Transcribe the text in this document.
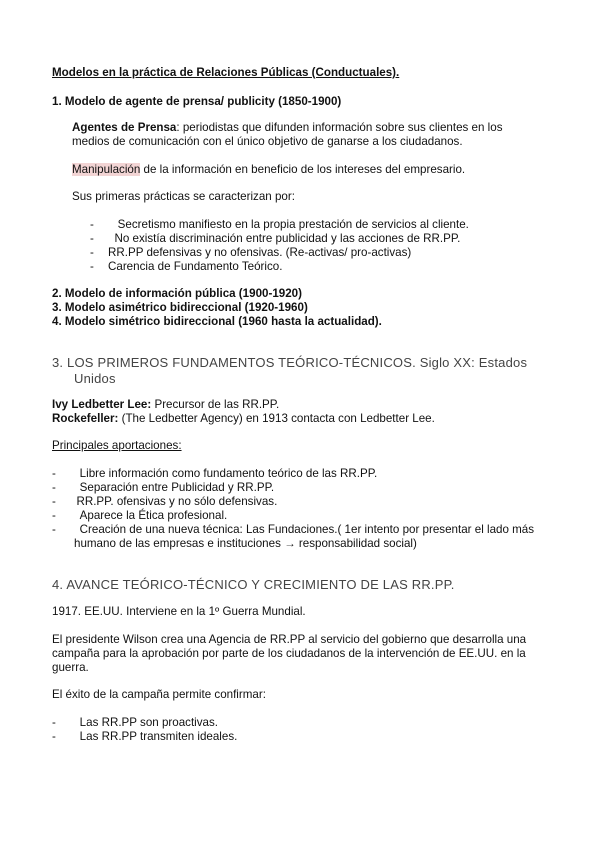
Modelos en la práctica de Relaciones Públicas (Conductuales).
1. Modelo de agente de prensa/ publicity (1850-1900)
Agentes de Prensa: periodistas que difunden información sobre sus clientes en los
medios de comunicación con el único objetivo de ganarse a los ciudadanos.
Manipulación de la información en beneficio de los intereses del empresario.
Sus primeras prácticas se caracterizan por:
- Secretismo manifiesto en la propia prestación de servicios al cliente.
- No existía discriminación entre publicidad y las acciones de RR.PP.
- RR.PP defensivas y no ofensivas. (Re-activas/ pro-activas)
- Carencia de Fundamento Teórico.
2. Modelo de información pública (1900-1920)
3. Modelo asimétrico bidireccional (1920-1960)
4. Modelo simétrico bidireccional (1960 hasta la actualidad).
3. LOS PRIMEROS FUNDAMENTOS TEÓRICO-TÉCNICOS. Siglo XX: Estados
Unidos
Ivy Ledbetter Lee: Precursor de las RR.PP.
Rockefeller: (The Ledbetter Agency) en 1913 contacta con Ledbetter Lee.
Principales aportaciones:
- Libre información como fundamento teórico de las RR.PP.
- Separación entre Publicidad y RR.PP.
- RR.PP. ofensivas y no sólo defensivas.
- Aparece la Ética profesional.
- Creación de una nueva técnica: Las Fundaciones.( 1er intento por presentar el lado más
humano de las empresas e instituciones → responsabilidad social)
4. AVANCE TEÓRICO-TÉCNICO Y CRECIMIENTO DE LAS RR.PP.
1917. EE.UU. Interviene en la 1º Guerra Mundial.
El presidente Wilson crea una Agencia de RR.PP al servicio del gobierno que desarrolla una
campaña para la aprobación por parte de los ciudadanos de la intervención de EE.UU. en la
guerra.
El éxito de la campaña permite confirmar:
- Las RR.PP son proactivas.
- Las RR.PP transmiten ideales.
